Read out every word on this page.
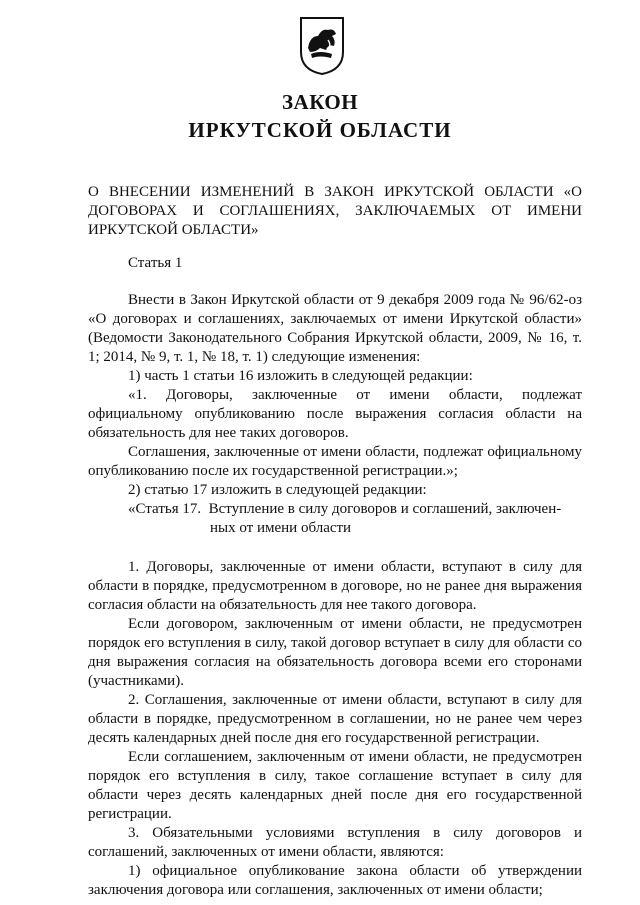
ЗАКОН
ИРКУТСКОЙ ОБЛАСТИ

О ВНЕСЕНИИ ИЗМЕНЕНИЙ В ЗАКОН ИРКУТСКОЙ ОБЛАСТИ «О ДОГОВОРАХ И СОГЛАШЕНИЯХ, ЗАКЛЮЧАЕМЫХ ОТ ИМЕНИ ИРКУТСКОЙ ОБЛАСТИ»

Статья 1

Внести в Закон Иркутской области от 9 декабря 2009 года № 96/62-оз «О договорах и соглашениях, заключаемых от имени Иркутской области» (Ведомости Законодательного Собрания Иркутской области, 2009, № 16, т. 1; 2014, № 9, т. 1, № 18, т. 1) следующие изменения:

1) часть 1 статьи 16 изложить в следующей редакции:

«1. Договоры, заключенные от имени области, подлежат официальному опубликованию после выражения согласия области на обязательность для нее таких договоров.

Соглашения, заключенные от имени области, подлежат официальному опубликованию после их государственной регистрации.»;

2) статью 17 изложить в следующей редакции:

«Статья 17. Вступление в силу договоров и соглашений, заключен-
ных от имени области

1. Договоры, заключенные от имени области, вступают в силу для области в порядке, предусмотренном в договоре, но не ранее дня выражения согласия области на обязательность для нее такого договора.

Если договором, заключенным от имени области, не предусмотрен порядок его вступления в силу, такой договор вступает в силу для области со дня выражения согласия на обязательность договора всеми его сторонами (участниками).

2. Соглашения, заключенные от имени области, вступают в силу для области в порядке, предусмотренном в соглашении, но не ранее чем через десять календарных дней после дня его государственной регистрации.

Если соглашением, заключенным от имени области, не предусмотрен порядок его вступления в силу, такое соглашение вступает в силу для области через десять календарных дней после дня его государственной регистрации.

3. Обязательными условиями вступления в силу договоров и соглашений, заключенных от имени области, являются:

1) официальное опубликование закона области об утверждении заключения договора или соглашения, заключенных от имени области;
